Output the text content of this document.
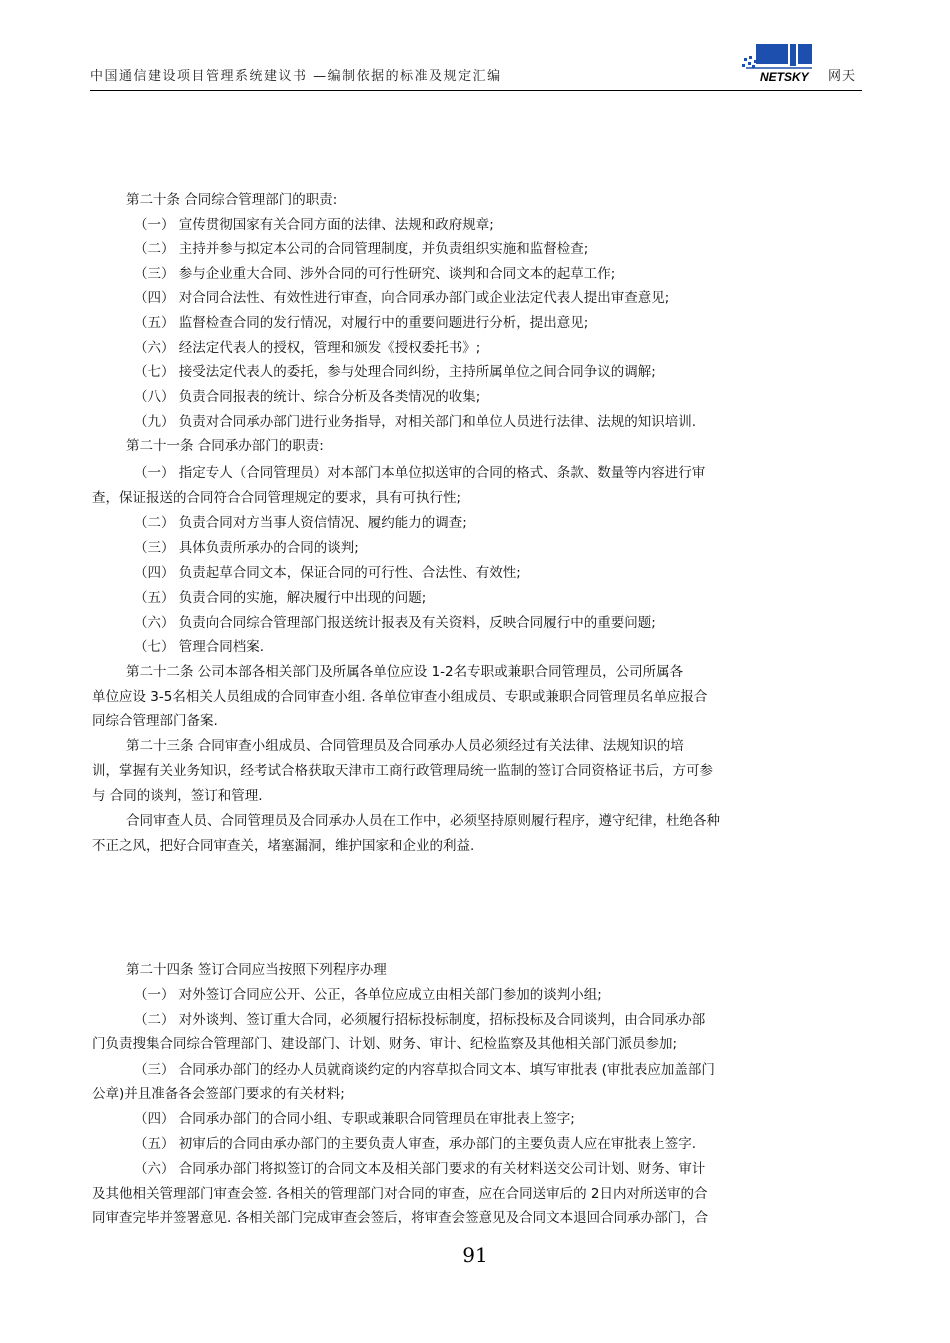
中国通信建设项目管理系统建议书 —编制依据的标准及规定汇编	NETSKY 网天
第二十条 合同综合管理部门的职责:
（一） 宣传贯彻国家有关合同方面的法律、法规和政府规章;
（二） 主持并参与拟定本公司的合同管理制度，并负责组织实施和监督检查;
（三） 参与企业重大合同、涉外合同的可行性研究、谈判和合同文本的起草工作;
（四） 对合同合法性、有效性进行审查，向合同承办部门或企业法定代表人提出审查意见;
（五） 监督检查合同的发行情况，对履行中的重要问题进行分析，提出意见;
（六） 经法定代表人的授权，管理和颁发《授权委托书》;
（七） 接受法定代表人的委托，参与处理合同纠纷，主持所属单位之间合同争议的调解;
（八） 负责合同报表的统计、综合分析及各类情况的收集;
（九） 负责对合同承办部门进行业务指导，对相关部门和单位人员进行法律、法规的知识培训.
第二十一条 合同承办部门的职责:
（一） 指定专人（合同管理员）对本部门本单位拟送审的合同的格式、条款、数量等内容进行审
查，保证报送的合同符合合同管理规定的要求，具有可执行性;
（二） 负责合同对方当事人资信情况、履约能力的调查;
（三） 具体负责所承办的合同的谈判;
（四） 负责起草合同文本，保证合同的可行性、合法性、有效性;
（五） 负责合同的实施，解决履行中出现的问题;
（六） 负责向合同综合管理部门报送统计报表及有关资料，反映合同履行中的重要问题;
（七） 管理合同档案.
第二十二条 公司本部各相关部门及所属各单位应设 1-2名专职或兼职合同管理员，公司所属各
单位应设 3-5名相关人员组成的合同审查小组. 各单位审查小组成员、专职或兼职合同管理员名单应报合
同综合管理部门备案.
第二十三条 合同审查小组成员、合同管理员及合同承办人员必须经过有关法律、法规知识的培
训，掌握有关业务知识，经考试合格获取天津市工商行政管理局统一监制的签订合同资格证书后，方可参
与 合同的谈判，签订和管理.
合同审查人员、合同管理员及合同承办人员在工作中，必须坚持原则履行程序，遵守纪律，杜绝各种
不正之风，把好合同审查关，堵塞漏洞，维护国家和企业的利益.
第二十四条 签订合同应当按照下列程序办理
（一） 对外签订合同应公开、公正，各单位应成立由相关部门参加的谈判小组;
（二） 对外谈判、签订重大合同，必须履行招标投标制度，招标投标及合同谈判，由合同承办部
门负责搜集合同综合管理部门、建设部门、计划、财务、审计、纪检监察及其他相关部门派员参加;
（三） 合同承办部门的经办人员就商谈约定的内容草拟合同文本、填写审批表 (审批表应加盖部门
公章)并且准备各会签部门要求的有关材料;
（四） 合同承办部门的合同小组、专职或兼职合同管理员在审批表上签字;
（五） 初审后的合同由承办部门的主要负责人审查，承办部门的主要负责人应在审批表上签字.
（六） 合同承办部门将拟签订的合同文本及相关部门要求的有关材料送交公司计划、财务、审计
及其他相关管理部门审查会签. 各相关的管理部门对合同的审查，应在合同送审后的 2日内对所送审的合
同审查完毕并签署意见. 各相关部门完成审查会签后，将审查会签意见及合同文本退回合同承办部门，合
91
